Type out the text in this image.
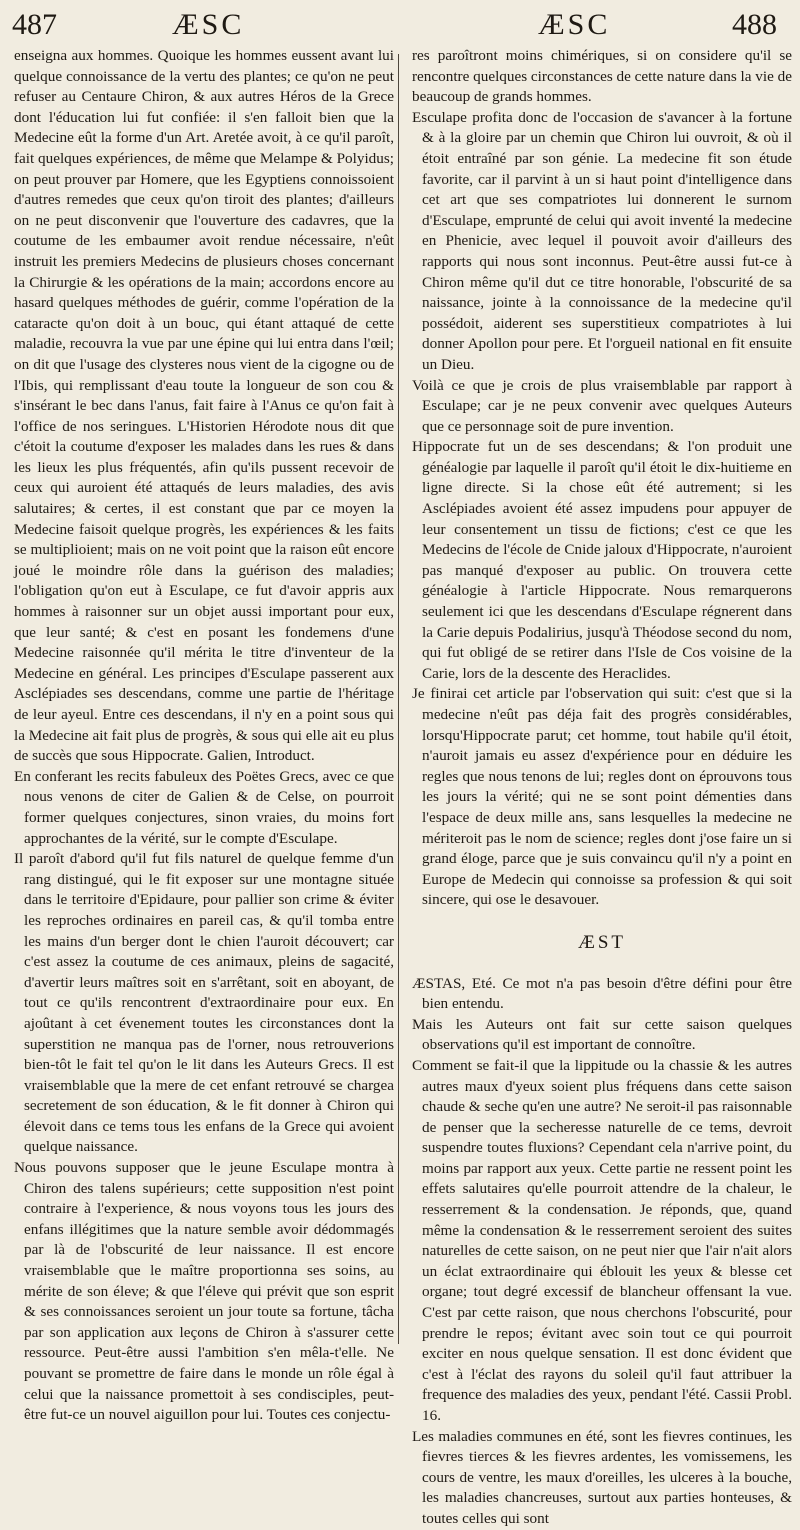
487	ÆSC	ÆSC	488

enseigna aux hommes. Quoique les hommes eussent avant lui quelque connoissance de la vertu des plantes; ce qu'on ne peut refuser au Centaure Chiron, & aux autres Héros de la Grece dont l'éducation lui fut confiée: il s'en falloit bien que la Medecine eût la forme d'un Art. Aretée avoit, à ce qu'il paroît, fait quelques expériences, de même que Melampe & Polyidus; on peut prouver par Homere, que les Egyptiens connoissoient d'autres remedes que ceux qu'on tiroit des plantes; d'ailleurs on ne peut disconvenir que l'ouverture des cadavres, que la coutume de les embaumer avoit rendue nécessaire, n'eût instruit les premiers Medecins de plusieurs choses concernant la Chirurgie & les opérations de la main; accordons encore au hasard quelques méthodes de guérir, comme l'opération de la cataracte qu'on doit à un bouc, qui étant attaqué de cette maladie, recouvra la vue par une épine qui lui entra dans l'œil; on dit que l'usage des clysteres nous vient de la cigogne ou de l'Ibis, qui remplissant d'eau toute la longueur de son cou & s'insérant le bec dans l'anus, fait faire à l'Anus ce qu'on fait à l'office de nos seringues. L'Historien Hérodote nous dit que c'étoit la coutume d'exposer les malades dans les rues & dans les lieux les plus fréquentés, afin qu'ils pussent recevoir de ceux qui auroient été attaqués de leurs maladies, des avis salutaires; & certes, il est constant que par ce moyen la Medecine faisoit quelque progrès, les expériences & les faits se multiplioient; mais on ne voit point que la raison eût encore joué le moindre rôle dans la guérison des maladies; l'obligation qu'on eut à Esculape, ce fut d'avoir appris aux hommes à raisonner sur un objet aussi important pour eux, que leur santé; & c'est en posant les fondemens d'une Medecine raisonnée qu'il mérita le titre d'inventeur de la Medecine en général. Les principes d'Esculape passerent aux Asclépiades ses descendans, comme une partie de l'héritage de leur ayeul. Entre ces descendans, il n'y en a point sous qui la Medecine ait fait plus de progrès, & sous qui elle ait eu plus de succès que sous Hippocrate. Galien, Introduct.

En conferant les recits fabuleux des Poëtes Grecs, avec ce que nous venons de citer de Galien & de Celse, on pourroit former quelques conjectures, sinon vraies, du moins fort approchantes de la vérité, sur le compte d'Esculape.

Il paroît d'abord qu'il fut fils naturel de quelque femme d'un rang distingué, qui le fit exposer sur une montagne située dans le territoire d'Epidaure, pour pallier son crime & éviter les reproches ordinaires en pareil cas, & qu'il tomba entre les mains d'un berger dont le chien l'auroit découvert; car c'est assez la coutume de ces animaux, pleins de sagacité, d'avertir leurs maîtres soit en s'arrêtant, soit en aboyant, de tout ce qu'ils rencontrent d'extraordinaire pour eux. En ajoûtant à cet évenement toutes les circonstances dont la superstition ne manqua pas de l'orner, nous retrouverions bien-tôt le fait tel qu'on le lit dans les Auteurs Grecs. Il est vraisemblable que la mere de cet enfant retrouvé se chargea secretement de son éducation, & le fit donner à Chiron qui élevoit dans ce tems tous les enfans de la Grece qui avoient quelque naissance.

Nous pouvons supposer que le jeune Esculape montra à Chiron des talens supérieurs; cette supposition n'est point contraire à l'experience, & nous voyons tous les jours des enfans illégitimes que la nature semble avoir dédommagés par là de l'obscurité de leur naissance. Il est encore vraisemblable que le maître proportionna ses soins, au mérite de son éleve; & que l'éleve qui prévit que son esprit & ses connoissances seroient un jour toute sa fortune, tâcha par son application aux leçons de Chiron à s'assurer cette ressource. Peut-être aussi l'ambition s'en mêla-t'elle. Ne pouvant se promettre de faire dans le monde un rôle égal à celui que la naissance promettoit à ses condisciples, peut-être fut-ce un nouvel aiguillon pour lui. Toutes ces conjectu-

res paroîtront moins chimériques, si on considere qu'il se rencontre quelques circonstances de cette nature dans la vie de beaucoup de grands hommes.

Esculape profita donc de l'occasion de s'avancer à la fortune & à la gloire par un chemin que Chiron lui ouvroit, & où il étoit entraîné par son génie. La medecine fit son étude favorite, car il parvint à un si haut point d'intelligence dans cet art que ses compatriotes lui donnerent le surnom d'Esculape, emprunté de celui qui avoit inventé la medecine en Phenicie, avec lequel il pouvoit avoir d'ailleurs des rapports qui nous sont inconnus. Peut-être aussi fut-ce à Chiron même qu'il dut ce titre honorable, l'obscurité de sa naissance, jointe à la connoissance de la medecine qu'il possédoit, aiderent ses superstitieux compatriotes à lui donner Apollon pour pere. Et l'orgueil national en fit ensuite un Dieu.

Voilà ce que je crois de plus vraisemblable par rapport à Esculape; car je ne peux convenir avec quelques Auteurs que ce personnage soit de pure invention.

Hippocrate fut un de ses descendans; & l'on produit une généalogie par laquelle il paroît qu'il étoit le dix-huitieme en ligne directe. Si la chose eût été autrement; si les Asclépiades avoient été assez impudens pour appuyer de leur consentement un tissu de fictions; c'est ce que les Medecins de l'école de Cnide jaloux d'Hippocrate, n'auroient pas manqué d'exposer au public. On trouvera cette généalogie à l'article Hippocrate. Nous remarquerons seulement ici que les descendans d'Esculape régnerent dans la Carie depuis Podalirius, jusqu'à Théodose second du nom, qui fut obligé de se retirer dans l'Isle de Cos voisine de la Carie, lors de la descente des Heraclides.

Je finirai cet article par l'observation qui suit: c'est que si la medecine n'eût pas déja fait des progrès considérables, lorsqu'Hippocrate parut; cet homme, tout habile qu'il étoit, n'auroit jamais eu assez d'expérience pour en déduire les regles que nous tenons de lui; regles dont on éprouvons tous les jours la vérité; qui ne se sont point démenties dans l'espace de deux mille ans, sans lesquelles la medecine ne mériteroit pas le nom de science; regles dont j'ose faire un si grand éloge, parce que je suis convaincu qu'il n'y a point en Europe de Medecin qui connoisse sa profession & qui soit sincere, qui ose le desavouer.

ÆST

ÆSTAS, Eté. Ce mot n'a pas besoin d'être défini pour être bien entendu.

Mais les Auteurs ont fait sur cette saison quelques observations qu'il est important de connoître.

Comment se fait-il que la lippitude ou la chassie & les autres autres maux d'yeux soient plus fréquens dans cette saison chaude & seche qu'en une autre? Ne seroit-il pas raisonnable de penser que la secheresse naturelle de ce tems, devroit suspendre toutes fluxions? Cependant cela n'arrive point, du moins par rapport aux yeux. Cette partie ne ressent point les effets salutaires qu'elle pourroit attendre de la chaleur, le resserrement & la condensation. Je réponds, que, quand même la condensation & le resserrement seroient des suites naturelles de cette saison, on ne peut nier que l'air n'ait alors un éclat extraordinaire qui éblouit les yeux & blesse cet organe; tout degré excessif de blancheur offensant la vue. C'est par cette raison, que nous cherchons l'obscurité, pour prendre le repos; évitant avec soin tout ce qui pourroit exciter en nous quelque sensation. Il est donc évident que c'est à l'éclat des rayons du soleil qu'il faut attribuer la frequence des maladies des yeux, pendant l'été. Cassii Probl. 16.

Les maladies communes en été, sont les fievres continues, les fievres tierces & les fievres ardentes, les vomissemens, les cours de ventre, les maux d'oreilles, les ulceres à la bouche, les maladies chancreuses, surtout aux parties honteuses, & toutes celles qui sont
